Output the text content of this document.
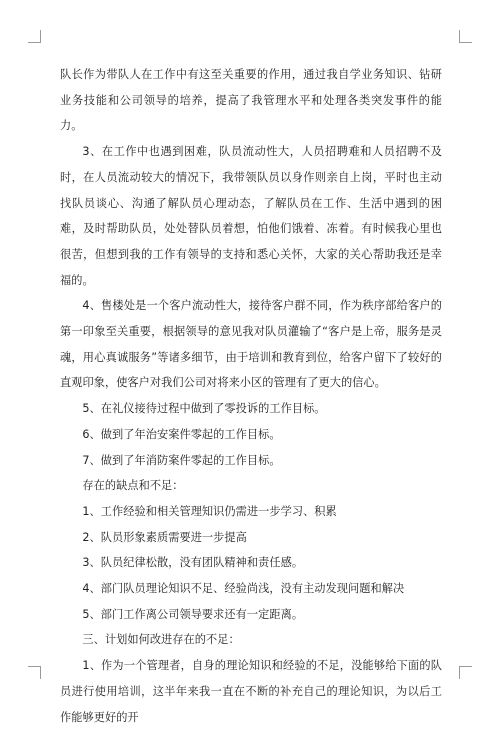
队长作为带队人在工作中有这至关重要的作用，通过我自学业务知识、钻研业务技能和公司领导的培养，提高了我管理水平和处理各类突发事件的能力。

3、在工作中也遇到困难，队员流动性大，人员招聘难和人员招聘不及时，在人员流动较大的情况下，我带领队员以身作则亲自上岗，平时也主动找队员谈心、沟通了解队员心理动态，了解队员在工作、生活中遇到的困难，及时帮助队员，处处替队员着想，怕他们饿着、冻着。有时候我心里也很苦，但想到我的工作有领导的支持和悉心关怀，大家的关心帮助我还是幸福的。

4、售楼处是一个客户流动性大，接待客户群不同，作为秩序部给客户的第一印象至关重要，根据领导的意见我对队员灌输了“客户是上帝，服务是灵魂，用心真诚服务”等诸多细节，由于培训和教育到位，给客户留下了较好的直观印象，使客户对我们公司对将来小区的管理有了更大的信心。

5、在礼仪接待过程中做到了零投诉的工作目标。

6、做到了年治安案件零起的工作目标。

7、做到了年消防案件零起的工作目标。

存在的缺点和不足：

1、工作经验和相关管理知识仍需进一步学习、积累

2、队员形象素质需要进一步提高

3、队员纪律松散，没有团队精神和责任感。

4、部门队员理论知识不足、经验尚浅，没有主动发现问题和解决

5、部门工作离公司领导要求还有一定距离。

三、计划如何改进存在的不足：

1、作为一个管理者，自身的理论知识和经验的不足，没能够给下面的队员进行使用培训，这半年来我一直在不断的补充自己的理论知识，为以后工作能够更好的开
